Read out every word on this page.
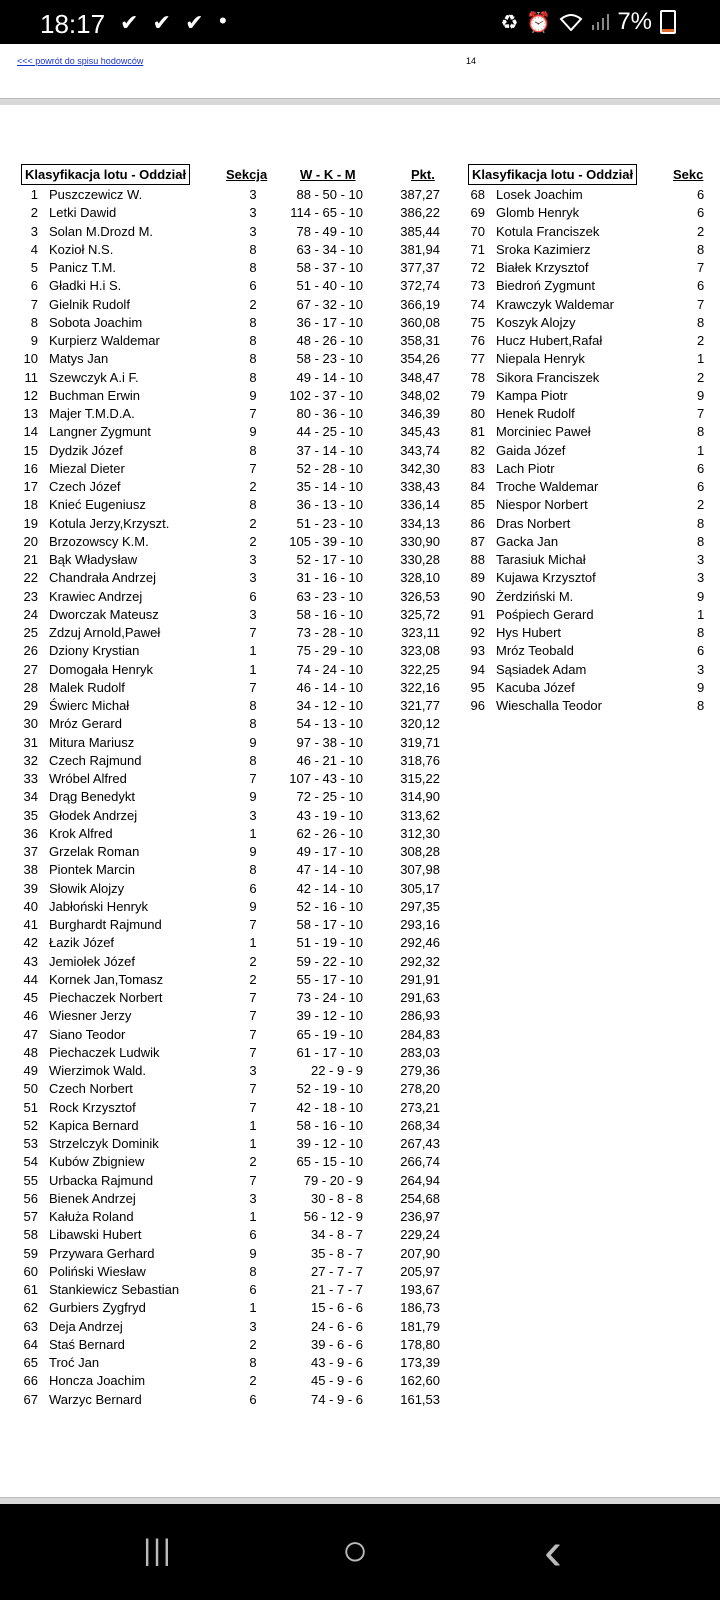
18:17 ✔ ✔ ✔ •	♻ ⏰	7%
<<< powrót do spisu hodowców	14
Klasyfikacja lotu - Oddział	Sekcja	W - K - M	Pkt.	Klasyfikacja lotu - Oddział	Sekc
1 Puszczewicz W.	3	88 - 50 - 10	387,27
2 Letki Dawid	3	114 - 65 - 10	386,22
3 Solan M.Drozd M.	3	78 - 49 - 10	385,44
4 Kozioł N.S.	8	63 - 34 - 10	381,94
5 Panicz T.M.	8	58 - 37 - 10	377,37
6 Gładki H.i S.	6	51 - 40 - 10	372,74
7 Gielnik Rudolf	2	67 - 32 - 10	366,19
8 Sobota Joachim	8	36 - 17 - 10	360,08
9 Kurpierz Waldemar	8	48 - 26 - 10	358,31
10 Matys Jan	8	58 - 23 - 10	354,26
11 Szewczyk A.i F.	8	49 - 14 - 10	348,47
12 Buchman Erwin	9	102 - 37 - 10	348,02
13 Majer T.M.D.A.	7	80 - 36 - 10	346,39
14 Langner Zygmunt	9	44 - 25 - 10	345,43
15 Dydzik Józef	8	37 - 14 - 10	343,74
16 Miezal Dieter	7	52 - 28 - 10	342,30
17 Czech Józef	2	35 - 14 - 10	338,43
18 Knieć Eugeniusz	8	36 - 13 - 10	336,14
19 Kotula Jerzy,Krzyszt.	2	51 - 23 - 10	334,13
20 Brzozowscy K.M.	2	105 - 39 - 10	330,90
21 Bąk Władysław	3	52 - 17 - 10	330,28
22 Chandrała Andrzej	3	31 - 16 - 10	328,10
23 Krawiec Andrzej	6	63 - 23 - 10	326,53
24 Dworczak Mateusz	3	58 - 16 - 10	325,72
25 Zdzuj Arnold,Paweł	7	73 - 28 - 10	323,11
26 Dziony Krystian	1	75 - 29 - 10	323,08
27 Domogała Henryk	1	74 - 24 - 10	322,25
28 Malek Rudolf	7	46 - 14 - 10	322,16
29 Świerc Michał	8	34 - 12 - 10	321,77
30 Mróz Gerard	8	54 - 13 - 10	320,12
31 Mitura Mariusz	9	97 - 38 - 10	319,71
32 Czech Rajmund	8	46 - 21 - 10	318,76
33 Wróbel Alfred	7	107 - 43 - 10	315,22
34 Drąg Benedykt	9	72 - 25 - 10	314,90
35 Głodek Andrzej	3	43 - 19 - 10	313,62
36 Krok Alfred	1	62 - 26 - 10	312,30
37 Grzelak Roman	9	49 - 17 - 10	308,28
38 Piontek Marcin	8	47 - 14 - 10	307,98
39 Słowik Alojzy	6	42 - 14 - 10	305,17
40 Jabłoński Henryk	9	52 - 16 - 10	297,35
41 Burghardt Rajmund	7	58 - 17 - 10	293,16
42 Łazik Józef	1	51 - 19 - 10	292,46
43 Jemiołek Józef	2	59 - 22 - 10	292,32
44 Kornek Jan,Tomasz	2	55 - 17 - 10	291,91
45 Piechaczek Norbert	7	73 - 24 - 10	291,63
46 Wiesner Jerzy	7	39 - 12 - 10	286,93
47 Siano Teodor	7	65 - 19 - 10	284,83
48 Piechaczek Ludwik	7	61 - 17 - 10	283,03
49 Wierzimok Wald.	3	22 - 9 - 9	279,36
50 Czech Norbert	7	52 - 19 - 10	278,20
51 Rock Krzysztof	7	42 - 18 - 10	273,21
52 Kapica Bernard	1	58 - 16 - 10	268,34
53 Strzelczyk Dominik	1	39 - 12 - 10	267,43
54 Kubów Zbigniew	2	65 - 15 - 10	266,74
55 Urbacka Rajmund	7	79 - 20 - 9	264,94
56 Bienek Andrzej	3	30 - 8 - 8	254,68
57 Kałuża Roland	1	56 - 12 - 9	236,97
58 Libawski Hubert	6	34 - 8 - 7	229,24
59 Przywara Gerhard	9	35 - 8 - 7	207,90
60 Poliński Wiesław	8	27 - 7 - 7	205,97
61 Stankiewicz Sebastian	6	21 - 7 - 7	193,67
62 Gurbiers Zygfryd	1	15 - 6 - 6	186,73
63 Deja Andrzej	3	24 - 6 - 6	181,79
64 Staś Bernard	2	39 - 6 - 6	178,80
65 Troć Jan	8	43 - 9 - 6	173,39
66 Honcza Joachim	2	45 - 9 - 6	162,60
67 Warzyc Bernard	6	74 - 9 - 6	161,53
68 Losek Joachim	6
69 Glomb Henryk	6
70 Kotula Franciszek	2
71 Sroka Kazimierz	8
72 Białek Krzysztof	7
73 Biedroń Zygmunt	6
74 Krawczyk Waldemar	7
75 Koszyk Alojzy	8
76 Hucz Hubert,Rafał	2
77 Niepala Henryk	1
78 Sikora Franciszek	2
79 Kampa Piotr	9
80 Henek Rudolf	7
81 Morciniec Paweł	8
82 Gaida Józef	1
83 Lach Piotr	6
84 Troche Waldemar	6
85 Niespor Norbert	2
86 Dras Norbert	8
87 Gacka Jan	8
88 Tarasiuk Michał	3
89 Kujawa Krzysztof	3
90 Żerdziński M.	9
91 Pośpiech Gerard	1
92 Hys Hubert	8
93 Mróz Teobald	6
94 Sąsiadek Adam	3
95 Kacuba Józef	9
96 Wieschalla Teodor	8
|||	○	‹
